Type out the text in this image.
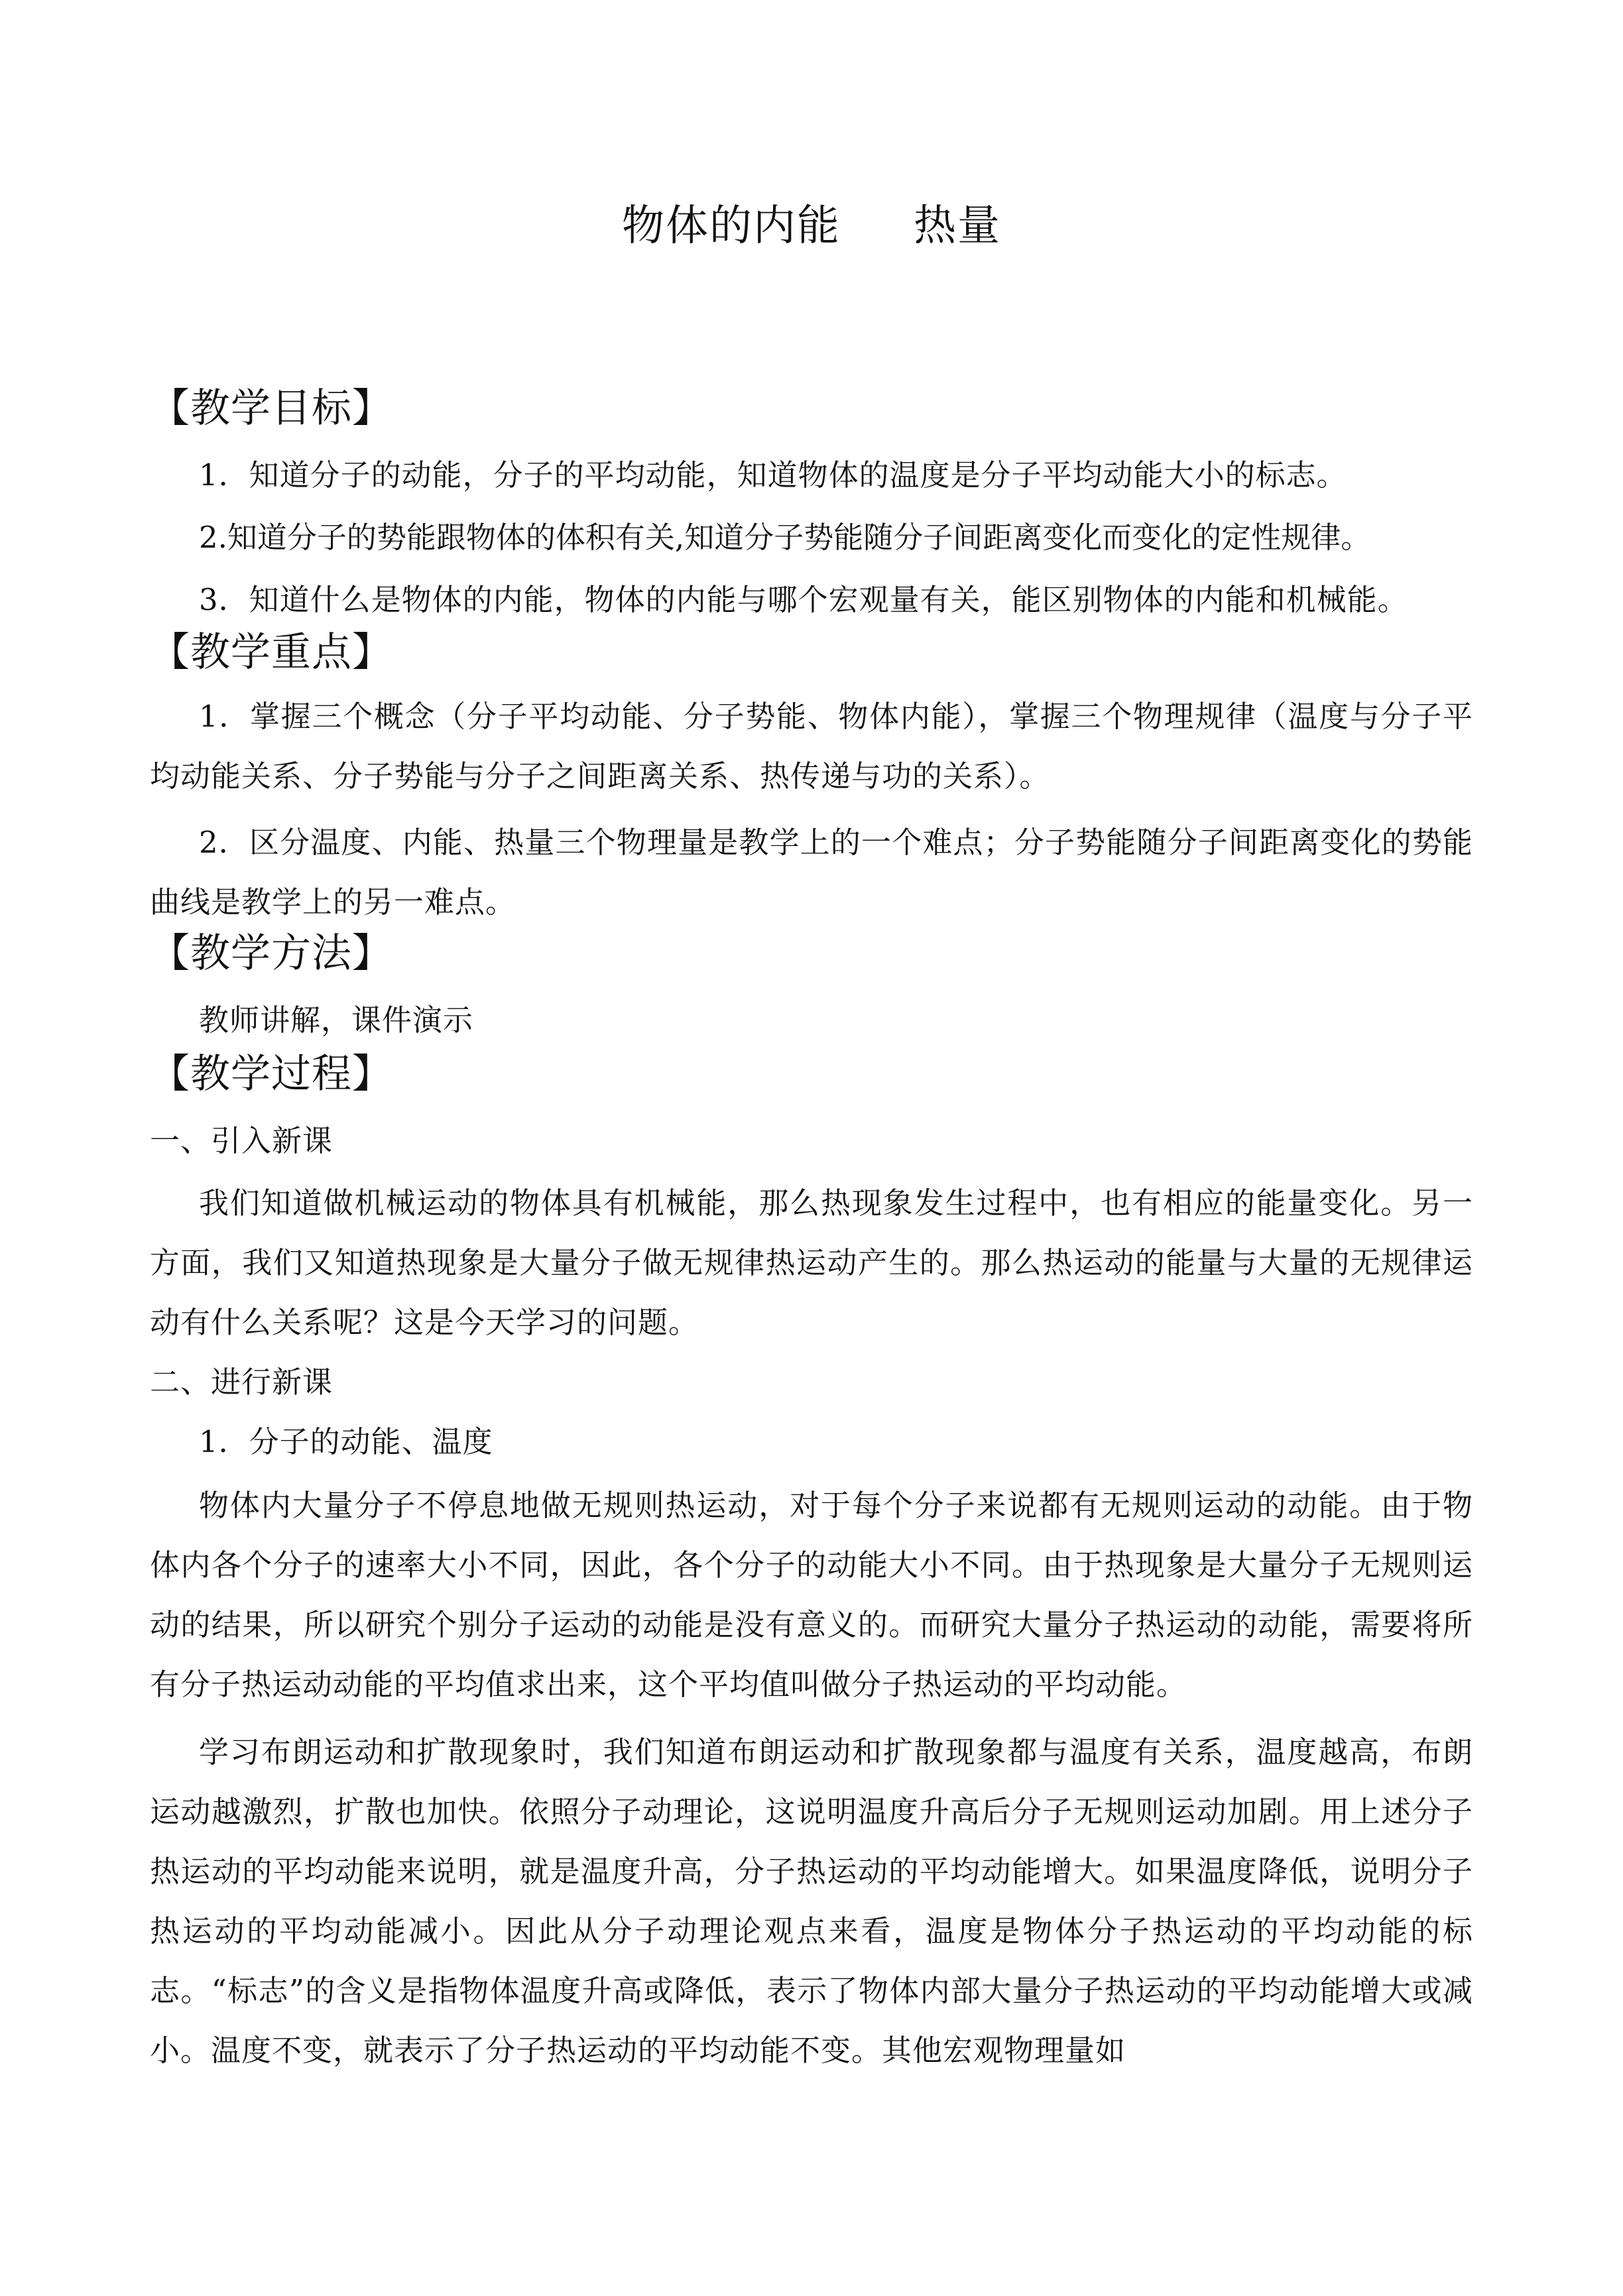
物体的内能 热量
【教学目标】
1．知道分子的动能，分子的平均动能，知道物体的温度是分子平均动能大小的标志。
2.知道分子的势能跟物体的体积有关,知道分子势能随分子间距离变化而变化的定性规律。
3．知道什么是物体的内能，物体的内能与哪个宏观量有关，能区别物体的内能和机械能。
【教学重点】
1．掌握三个概念（分子平均动能、分子势能、物体内能），掌握三个物理规律（温度与分子平均动能关系、分子势能与分子之间距离关系、热传递与功的关系）。
2．区分温度、内能、热量三个物理量是教学上的一个难点；分子势能随分子间距离变化的势能曲线是教学上的另一难点。
【教学方法】
教师讲解，课件演示
【教学过程】
一、引入新课
我们知道做机械运动的物体具有机械能，那么热现象发生过程中，也有相应的能量变化。另一方面，我们又知道热现象是大量分子做无规律热运动产生的。那么热运动的能量与大量的无规律运动有什么关系呢？这是今天学习的问题。
二、进行新课
1．分子的动能、温度
物体内大量分子不停息地做无规则热运动，对于每个分子来说都有无规则运动的动能。由于物体内各个分子的速率大小不同，因此，各个分子的动能大小不同。由于热现象是大量分子无规则运动的结果，所以研究个别分子运动的动能是没有意义的。而研究大量分子热运动的动能，需要将所有分子热运动动能的平均值求出来，这个平均值叫做分子热运动的平均动能。
学习布朗运动和扩散现象时，我们知道布朗运动和扩散现象都与温度有关系，温度越高，布朗运动越激烈，扩散也加快。依照分子动理论，这说明温度升高后分子无规则运动加剧。用上述分子热运动的平均动能来说明，就是温度升高，分子热运动的平均动能增大。如果温度降低，说明分子热运动的平均动能减小。因此从分子动理论观点来看，温度是物体分子热运动的平均动能的标志。“标志”的含义是指物体温度升高或降低，表示了物体内部大量分子热运动的平均动能增大或减小。温度不变，就表示了分子热运动的平均动能不变。其他宏观物理量如
